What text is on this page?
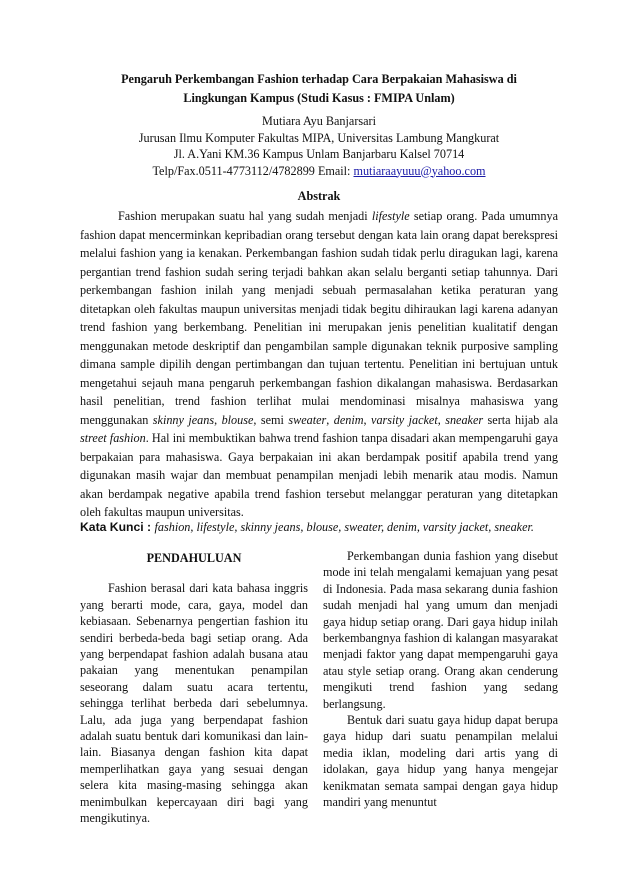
Pengaruh Perkembangan Fashion terhadap Cara Berpakaian Mahasiswa di
Lingkungan Kampus (Studi Kasus : FMIPA Unlam)
Mutiara Ayu Banjarsari
Jurusan Ilmu Komputer Fakultas MIPA, Universitas Lambung Mangkurat
Jl. A.Yani KM.36 Kampus Unlam Banjarbaru Kalsel 70714
Telp/Fax.0511-4773112/4782899 Email: mutiaraayuuu@yahoo.com
Abstrak

Fashion merupakan suatu hal yang sudah menjadi lifestyle setiap orang. Pada umumnya fashion dapat mencerminkan kepribadian orang tersebut dengan kata lain orang dapat berekspresi melalui fashion yang ia kenakan. Perkembangan fashion sudah tidak perlu diragukan lagi, karena pergantian trend fashion sudah sering terjadi bahkan akan selalu berganti setiap tahunnya. Dari perkembangan fashion inilah yang menjadi sebuah permasalahan ketika peraturan yang ditetapkan oleh fakultas maupun universitas menjadi tidak begitu dihiraukan lagi karena adanyan trend fashion yang berkembang. Penelitian ini merupakan jenis penelitian kualitatif dengan menggunakan metode deskriptif dan pengambilan sample digunakan teknik purposive sampling dimana sample dipilih dengan pertimbangan dan tujuan tertentu. Penelitian ini bertujuan untuk mengetahui sejauh mana pengaruh perkembangan fashion dikalangan mahasiswa. Berdasarkan hasil penelitian, trend fashion terlihat mulai mendominasi misalnya mahasiswa yang menggunakan skinny jeans, blouse, semi sweater, denim, varsity jacket, sneaker serta hijab ala street fashion. Hal ini membuktikan bahwa trend fashion tanpa disadari akan mempengaruhi gaya berpakaian para mahasiswa. Gaya berpakaian ini akan berdampak positif apabila trend yang digunakan masih wajar dan membuat penampilan menjadi lebih menarik atau modis. Namun akan berdampak negative apabila trend fashion tersebut melanggar peraturan yang ditetapkan oleh fakultas maupun universitas.

Kata Kunci : fashion, lifestyle, skinny jeans, blouse, sweater, denim, varsity jacket, sneaker.
PENDAHULUAN

Fashion berasal dari kata bahasa inggris yang berarti mode, cara, gaya, model dan kebiasaan. Sebenarnya pengertian fashion itu sendiri berbeda-beda bagi setiap orang. Ada yang berpendapat fashion adalah busana atau pakaian yang menentukan penampilan seseorang dalam suatu acara tertentu, sehingga terlihat berbeda dari sebelumnya. Lalu, ada juga yang berpendapat fashion adalah suatu bentuk dari komunikasi dan lain-lain. Biasanya dengan fashion kita dapat memperlihatkan gaya yang sesuai dengan selera kita masing-masing sehingga akan menimbulkan kepercayaan diri bagi yang mengikutinya.

Perkembangan dunia fashion yang disebut mode ini telah mengalami kemajuan yang pesat di Indonesia. Pada masa sekarang dunia fashion sudah menjadi hal yang umum dan menjadi gaya hidup setiap orang. Dari gaya hidup inilah berkembangnya fashion di kalangan masyarakat menjadi faktor yang dapat mempengaruhi gaya atau style setiap orang. Orang akan cenderung mengikuti trend fashion yang sedang berlangsung.

Bentuk dari suatu gaya hidup dapat berupa gaya hidup dari suatu penampilan melalui media iklan, modeling dari artis yang di idolakan, gaya hidup yang hanya mengejar kenikmatan semata sampai dengan gaya hidup mandiri yang menuntut
